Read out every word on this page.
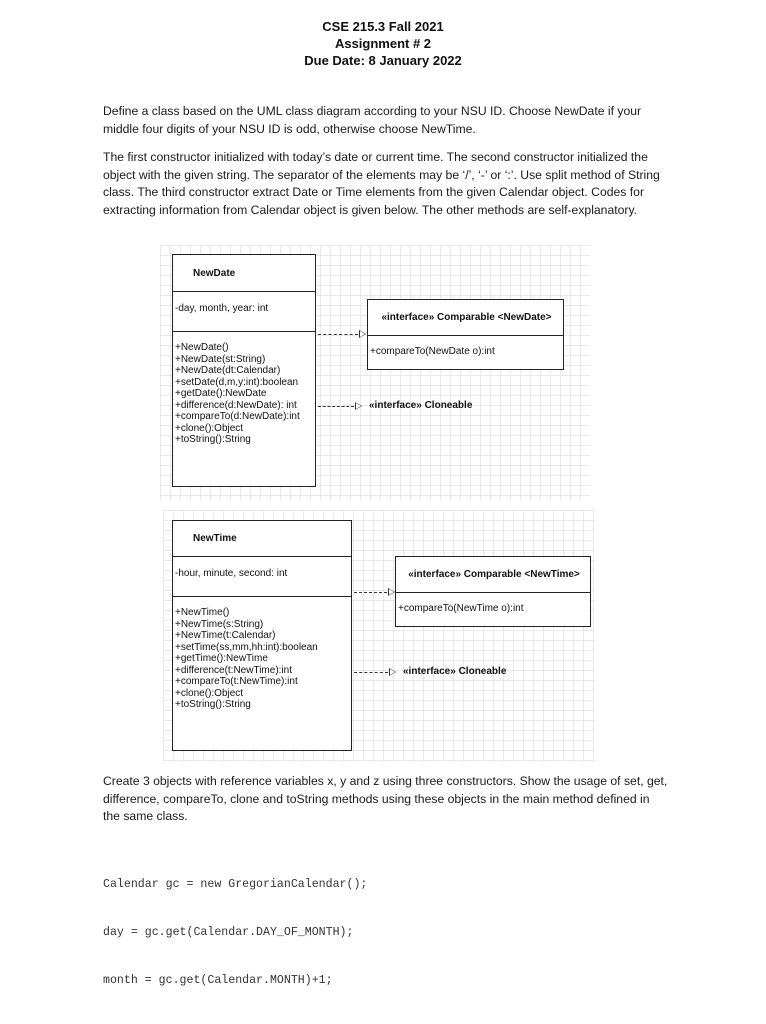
CSE 215.3 Fall 2021
Assignment # 2
Due Date: 8 January 2022
Define a class based on the UML class diagram according to your NSU ID. Choose NewDate if your middle four digits of your NSU ID is odd, otherwise choose NewTime.
The first constructor initialized with today’s date or current time. The second constructor initialized the object with the given string. The separator of the elements may be ‘/’, ‘-’ or ‘:’. Use split method of String class. The third constructor extract Date or Time elements from the given Calendar object. Codes for extracting information from Calendar object is given below. The other methods are self-explanatory.
NewDate
-day, month, year: int
+NewDate()
+NewDate(st:String)
+NewDate(dt:Calendar)
+setDate(d,m,y:int):boolean
+getDate():NewDate
+difference(d:NewDate): int
+compareTo(d:NewDate):int
+clone():Object
+toString():String
«interface» Comparable <NewDate>
+compareTo(NewDate o):int
«interface» Cloneable
NewTime
-hour, minute, second: int
+NewTime()
+NewTime(s:String)
+NewTime(t:Calendar)
+setTime(ss,mm,hh:int):boolean
+getTime():NewTime
+difference(t:NewTime):int
+compareTo(t:NewTime):int
+clone():Object
+toString():String
«interface» Comparable <NewTime>
+compareTo(NewTime o):int
«interface» Cloneable
Create 3 objects with reference variables x, y and z using three constructors. Show the usage of set, get, difference, compareTo, clone and toString methods using these objects in the main method defined in the same class.

Calendar gc = new GregorianCalendar();

day = gc.get(Calendar.DAY_OF_MONTH);

month = gc.get(Calendar.MONTH)+1;
